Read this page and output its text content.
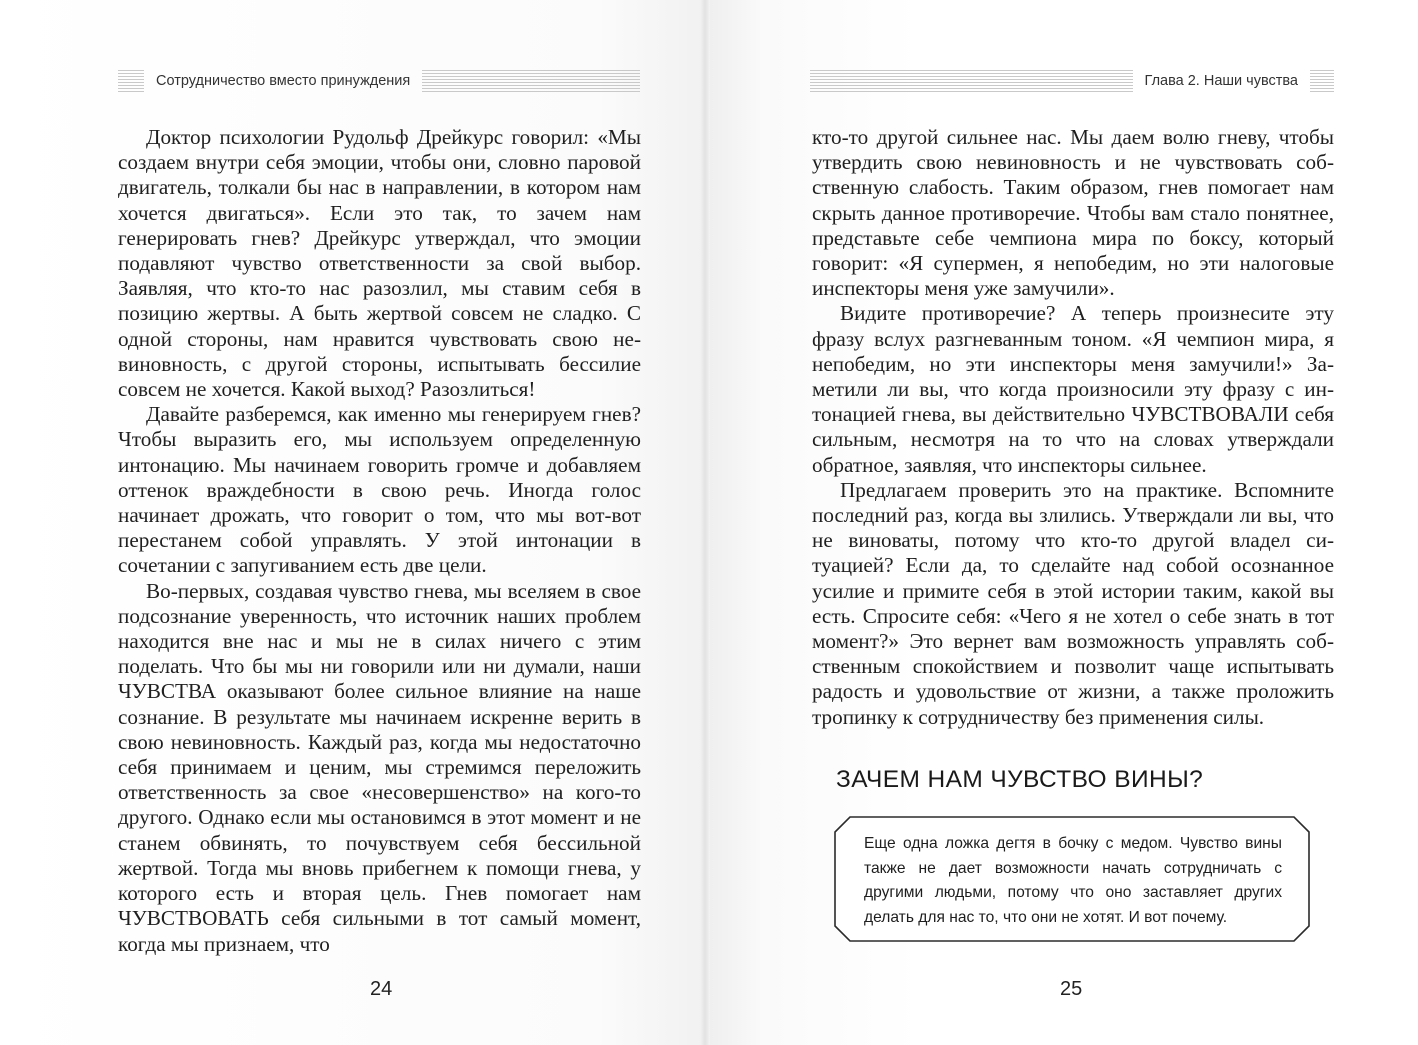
Сотрудничество вместо принуждения

Доктор психологии Рудольф Дрейкурс говорил: «Мы создаем внутри себя эмоции, чтобы они, словно паровой двигатель, толкали бы нас в направлении, в котором нам хочется двигаться». Если это так, то зачем нам генерировать гнев? Дрейкурс утверждал, что эмоции подавляют чувство ответственности за свой выбор. Заявляя, что кто-то нас разозлил, мы ставим себя в позицию жертвы. А быть жертвой совсем не сладко. С одной стороны, нам нравится чувствовать свою невиновность, с другой стороны, испытывать бессилие совсем не хочется. Какой выход? Разозлиться!

Давайте разберемся, как именно мы генерируем гнев? Чтобы выразить его, мы используем определенную интонацию. Мы начинаем говорить громче и добавляем оттенок враждебности в свою речь. Иногда голос начинает дрожать, что говорит о том, что мы вот-вот перестанем собой управлять. У этой интонации в сочетании с запугиванием есть две цели.

Во-первых, создавая чувство гнева, мы вселяем в свое подсознание уверенность, что источник наших проблем находится вне нас и мы не в силах ничего с этим поделать. Что бы мы ни говорили или ни думали, наши ЧУВСТВА оказывают более сильное влияние на наше сознание. В результате мы начинаем искренне верить в свою невиновность. Каждый раз, когда мы недостаточно себя принимаем и ценим, мы стремимся переложить ответственность за свое «несовершенство» на кого-то другого. Однако если мы остановимся в этот момент и не станем обвинять, то почувствуем себя бессильной жертвой. Тогда мы вновь прибегнем к помощи гнева, у которого есть и вторая цель. Гнев помогает нам ЧУВСТВОВАТЬ себя сильными в тот самый момент, когда мы признаем, что

24
Глава 2. Наши чувства

кто-то другой сильнее нас. Мы даем волю гневу, чтобы утвердить свою невиновность и не чувствовать собственную слабость. Таким образом, гнев помогает нам скрыть данное противоречие. Чтобы вам стало понятнее, представьте себе чемпиона мира по боксу, который говорит: «Я супермен, я непобедим, но эти налоговые инспекторы меня уже замучили».

Видите противоречие? А теперь произнесите эту фразу вслух разгневанным тоном. «Я чемпион мира, я непобедим, но эти инспекторы меня замучили!» Заметили ли вы, что когда произносили эту фразу с интонацией гнева, вы действительно ЧУВСТВОВАЛИ себя сильным, несмотря на то что на словах утверждали обратное, заявляя, что инспекторы сильнее.

Предлагаем проверить это на практике. Вспомните последний раз, когда вы злились. Утверждали ли вы, что не виноваты, потому что кто-то другой владел ситуацией? Если да, то сделайте над собой осознанное усилие и примите себя в этой истории таким, какой вы есть. Спросите себя: «Чего я не хотел о себе знать в тот момент?» Это вернет вам возможность управлять собственным спокойствием и позволит чаще испытывать радость и удовольствие от жизни, а также проложить тропинку к сотрудничеству без применения силы.

ЗАЧЕМ НАМ ЧУВСТВО ВИНЫ?
Еще одна ложка дегтя в бочку с медом. Чувство вины также не дает возможности начать сотрудничать с другими людьми, потому что оно заставляет других делать для нас то, что они не хотят. И вот почему.
25
